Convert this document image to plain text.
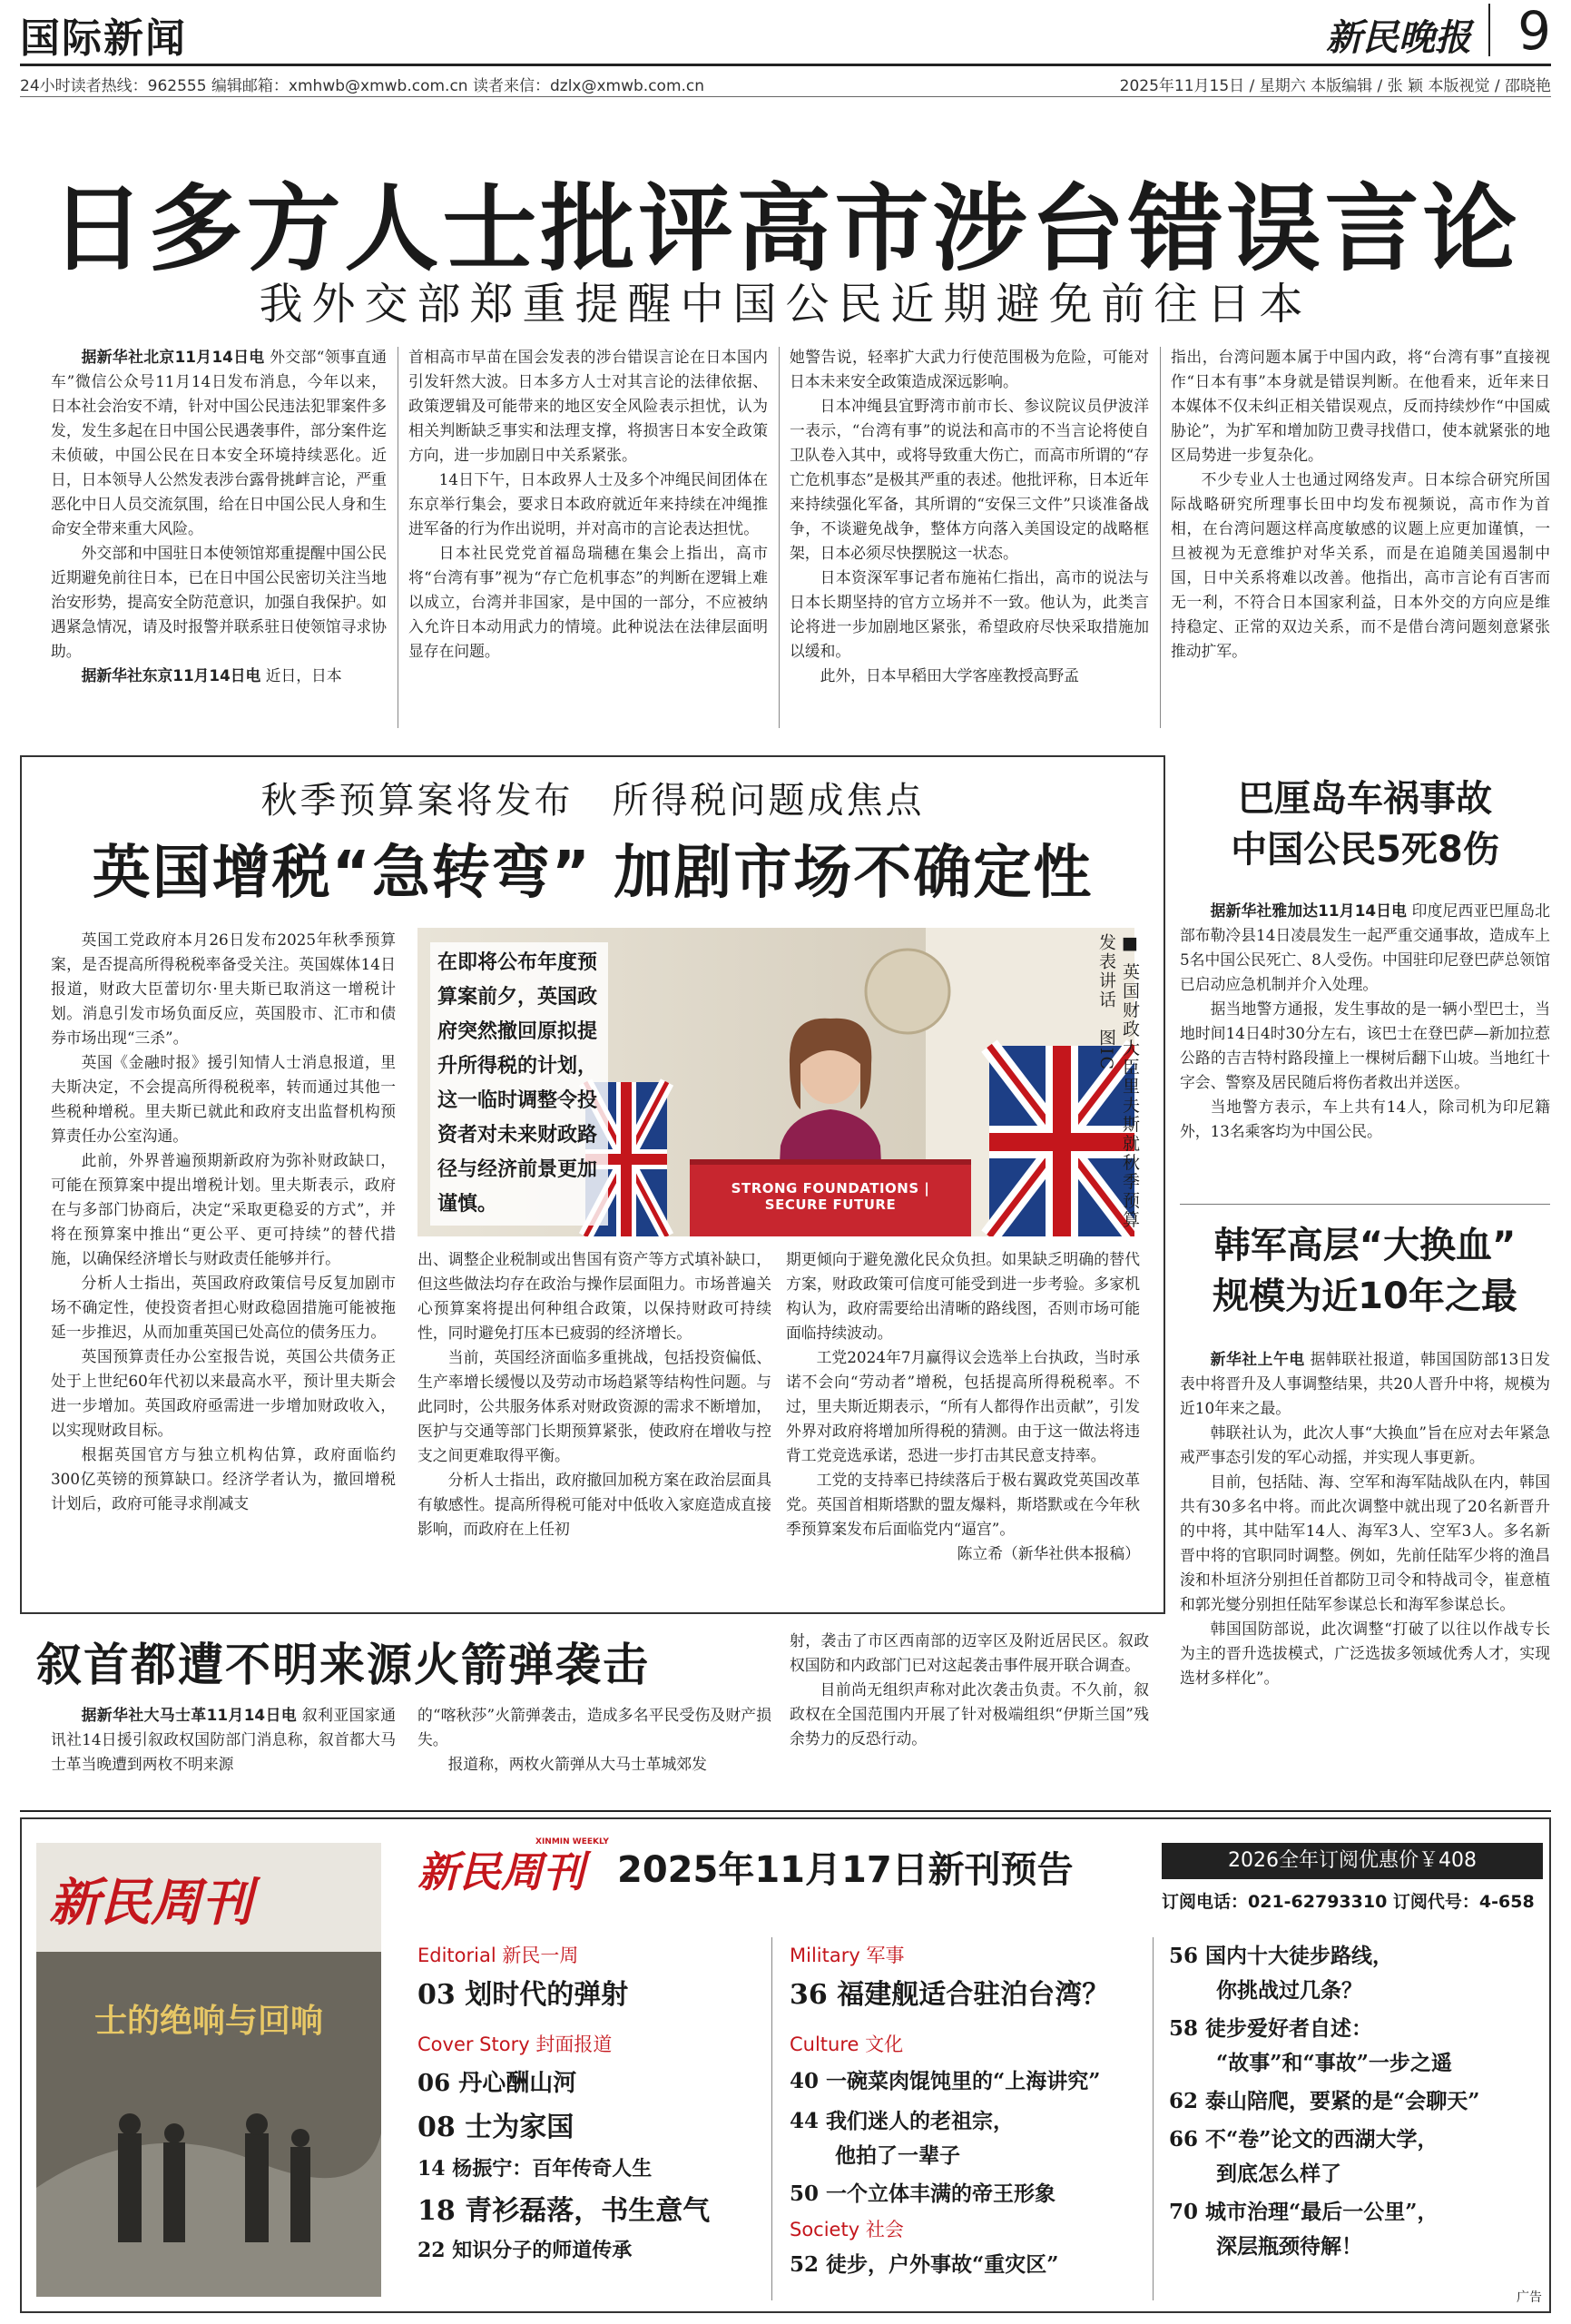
国际新闻	新民晚报 9
24小时读者热线：962555 编辑邮箱：xmhwb@xmwb.com.cn 读者来信：dzlx@xmwb.com.cn	2025年11月15日 / 星期六 本版编辑 / 张 颖 本版视觉 / 邵晓艳
日多方人士批评高市涉台错误言论
我外交部郑重提醒中国公民近期避免前往日本

据新华社北京11月14日电 外交部“领事直通车”微信公众号11月14日发布消息，今年以来，日本社会治安不靖，针对中国公民违法犯罪案件多发，发生多起在日中国公民遇袭事件，部分案件迄未侦破，中国公民在日本安全环境持续恶化。近日，日本领导人公然发表涉台露骨挑衅言论，严重恶化中日人员交流氛围，给在日中国公民人身和生命安全带来重大风险。

外交部和中国驻日本使领馆郑重提醒中国公民近期避免前往日本，已在日中国公民密切关注当地治安形势，提高安全防范意识，加强自我保护。如遇紧急情况，请及时报警并联系驻日使领馆寻求协助。

据新华社东京11月14日电 近日，日本

首相高市早苗在国会发表的涉台错误言论在日本国内引发轩然大波。日本多方人士对其言论的法律依据、政策逻辑及可能带来的地区安全风险表示担忧，认为相关判断缺乏事实和法理支撑，将损害日本安全政策方向，进一步加剧日中关系紧张。

14日下午，日本政界人士及多个冲绳民间团体在东京举行集会，要求日本政府就近年来持续在冲绳推进军备的行为作出说明，并对高市的言论表达担忧。

日本社民党党首福岛瑞穗在集会上指出，高市将“台湾有事”视为“存亡危机事态”的判断在逻辑上难以成立，台湾并非国家，是中国的一部分，不应被纳入允许日本动用武力的情境。此种说法在法律层面明显存在问题。

她警告说，轻率扩大武力行使范围极为危险，可能对日本未来安全政策造成深远影响。

日本冲绳县宜野湾市前市长、参议院议员伊波洋一表示，“台湾有事”的说法和高市的不当言论将使自卫队卷入其中，或将导致重大伤亡，而高市所谓的“存亡危机事态”是极其严重的表述。他批评称，日本近年来持续强化军备，其所谓的“安保三文件”只谈准备战争，不谈避免战争，整体方向落入美国设定的战略框架，日本必须尽快摆脱这一状态。

日本资深军事记者布施祐仁指出，高市的说法与日本长期坚持的官方立场并不一致。他认为，此类言论将进一步加剧地区紧张，希望政府尽快采取措施加以缓和。

此外，日本早稻田大学客座教授高野孟

指出，台湾问题本属于中国内政，将“台湾有事”直接视作“日本有事”本身就是错误判断。在他看来，近年来日本媒体不仅未纠正相关错误观点，反而持续炒作“中国威胁论”，为扩军和增加防卫费寻找借口，使本就紧张的地区局势进一步复杂化。

不少专业人士也通过网络发声。日本综合研究所国际战略研究所理事长田中均发布视频说，高市作为首相，在台湾问题这样高度敏感的议题上应更加谨慎，一旦被视为无意维护对华关系，而是在追随美国遏制中国，日中关系将难以改善。他指出，高市言论有百害而无一利，不符合日本国家利益，日本外交的方向应是维持稳定、正常的双边关系，而不是借台湾问题刻意紧张推动扩军。

秋季预算案将发布　所得税问题成焦点
英国增税“急转弯” 加剧市场不确定性

英国工党政府本月26日发布2025年秋季预算案，是否提高所得税税率备受关注。英国媒体14日报道，财政大臣蕾切尔·里夫斯已取消这一增税计划。消息引发市场负面反应，英国股市、汇市和债券市场出现“三杀”。

英国《金融时报》援引知情人士消息报道，里夫斯决定，不会提高所得税税率，转而通过其他一些税种增税。里夫斯已就此和政府支出监督机构预算责任办公室沟通。

此前，外界普遍预期新政府为弥补财政缺口，可能在预算案中提出增税计划。里夫斯表示，政府在与多部门协商后，决定“采取更稳妥的方式”，并将在预算案中推出“更公平、更可持续”的替代措施，以确保经济增长与财政责任能够并行。

分析人士指出，英国政府政策信号反复加剧市场不确定性，使投资者担心财政稳固措施可能被拖延一步推迟，从而加重英国已处高位的债务压力。

英国预算责任办公室报告说，英国公共债务正处于上世纪60年代初以来最高水平，预计里夫斯会进一步增加。英国政府亟需进一步增加财政收入，以实现财政目标。

根据英国官方与独立机构估算，政府面临约300亿英镑的预算缺口。经济学者认为，撤回增税计划后，政府可能寻求削减支

STRONG FOUNDATIONS | SECURE FUTURE
在即将公布年度预算案前夕，英国政府突然撤回原拟提升所得税的计划，这一临时调整令投资者对未来财政路径与经济前景更加谨慎。	■ 英国财政大臣里夫斯就秋季预算发表讲话　图IC

出、调整企业税制或出售国有资产等方式填补缺口，但这些做法均存在政治与操作层面阻力。市场普遍关心预算案将提出何种组合政策，以保持财政可持续性，同时避免打压本已疲弱的经济增长。

当前，英国经济面临多重挑战，包括投资偏低、生产率增长缓慢以及劳动市场趋紧等结构性问题。与此同时，公共服务体系对财政资源的需求不断增加，医护与交通等部门长期预算紧张，使政府在增收与控支之间更难取得平衡。

分析人士指出，政府撤回加税方案在政治层面具有敏感性。提高所得税可能对中低收入家庭造成直接影响，而政府在上任初

期更倾向于避免激化民众负担。如果缺乏明确的替代方案，财政政策可信度可能受到进一步考验。多家机构认为，政府需要给出清晰的路线图，否则市场可能面临持续波动。

工党2024年7月赢得议会选举上台执政，当时承诺不会向“劳动者”增税，包括提高所得税税率。不过，里夫斯近期表示，“所有人都得作出贡献”，引发外界对政府将增加所得税的猜测。由于这一做法将违背工党竞选承诺，恐进一步打击其民意支持率。

工党的支持率已持续落后于极右翼政党英国改革党。英国首相斯塔默的盟友爆料，斯塔默或在今年秋季预算案发布后面临党内“逼宫”。

陈立希（新华社供本报稿）

巴厘岛车祸事故
中国公民5死8伤

据新华社雅加达11月14日电 印度尼西亚巴厘岛北部布勒冷县14日凌晨发生一起严重交通事故，造成车上5名中国公民死亡、8人受伤。中国驻印尼登巴萨总领馆已启动应急机制并介入处理。

据当地警方通报，发生事故的是一辆小型巴士，当地时间14日4时30分左右，该巴士在登巴萨—新加拉惹公路的吉吉特村路段撞上一棵树后翻下山坡。当地红十字会、警察及居民随后将伤者救出并送医。

当地警方表示，车上共有14人，除司机为印尼籍外，13名乘客均为中国公民。

韩军高层“大换血”
规模为近10年之最

新华社上午电 据韩联社报道，韩国国防部13日发表中将晋升及人事调整结果，共20人晋升中将，规模为近10年来之最。

韩联社认为，此次人事“大换血”旨在应对去年紧急戒严事态引发的军心动摇，并实现人事更新。

目前，包括陆、海、空军和海军陆战队在内，韩国共有30多名中将。而此次调整中就出现了20名新晋升的中将，其中陆军14人、海军3人、空军3人。多名新晋中将的官职同时调整。例如，先前任陆军少将的渔昌浚和朴垣济分别担任首都防卫司令和特战司令，崔意植和郭光燮分别担任陆军参谋总长和海军参谋总长。

韩国国防部说，此次调整“打破了以往以作战专长为主的晋升选拔模式，广泛选拔多领域优秀人才，实现选材多样化”。

叙首都遭不明来源火箭弹袭击

据新华社大马士革11月14日电 叙利亚国家通讯社14日援引叙政权国防部门消息称，叙首都大马士革当晚遭到两枚不明来源

的“喀秋莎”火箭弹袭击，造成多名平民受伤及财产损失。

报道称，两枚火箭弹从大马士革城郊发

射，袭击了市区西南部的迈宰区及附近居民区。叙政权国防和内政部门已对这起袭击事件展开联合调查。

目前尚无组织声称对此次袭击负责。不久前，叙政权在全国范围内开展了针对极端组织“伊斯兰国”残余势力的反恐行动。

新民周刊
士的绝响与回响
新民周刊
XINMIN WEEKLY
2025年11月17日新刊预告	2026全年订阅优惠价￥408
订阅电话：021-62793310 订阅代号：4-658
Editorial 新民一周
03 划时代的弹射
Cover Story 封面报道
06 丹心酬山河
08 士为家国
14 杨振宁：百年传奇人生
18 青衫磊落，书生意气
22 知识分子的师道传承
Military 军事
36 福建舰适合驻泊台湾？
Culture 文化
40 一碗菜肉馄饨里的“上海讲究”
44 我们迷人的老祖宗，
他拍了一辈子
50 一个立体丰满的帝王形象
Society 社会
52 徒步，户外事故“重灾区”
56 国内十大徒步路线，
你挑战过几条？
58 徒步爱好者自述：
“故事”和“事故”一步之遥
62 泰山陪爬，要紧的是“会聊天”
66 不“卷”论文的西湖大学，
到底怎么样了
70 城市治理“最后一公里”，
深层瓶颈待解！
广告
